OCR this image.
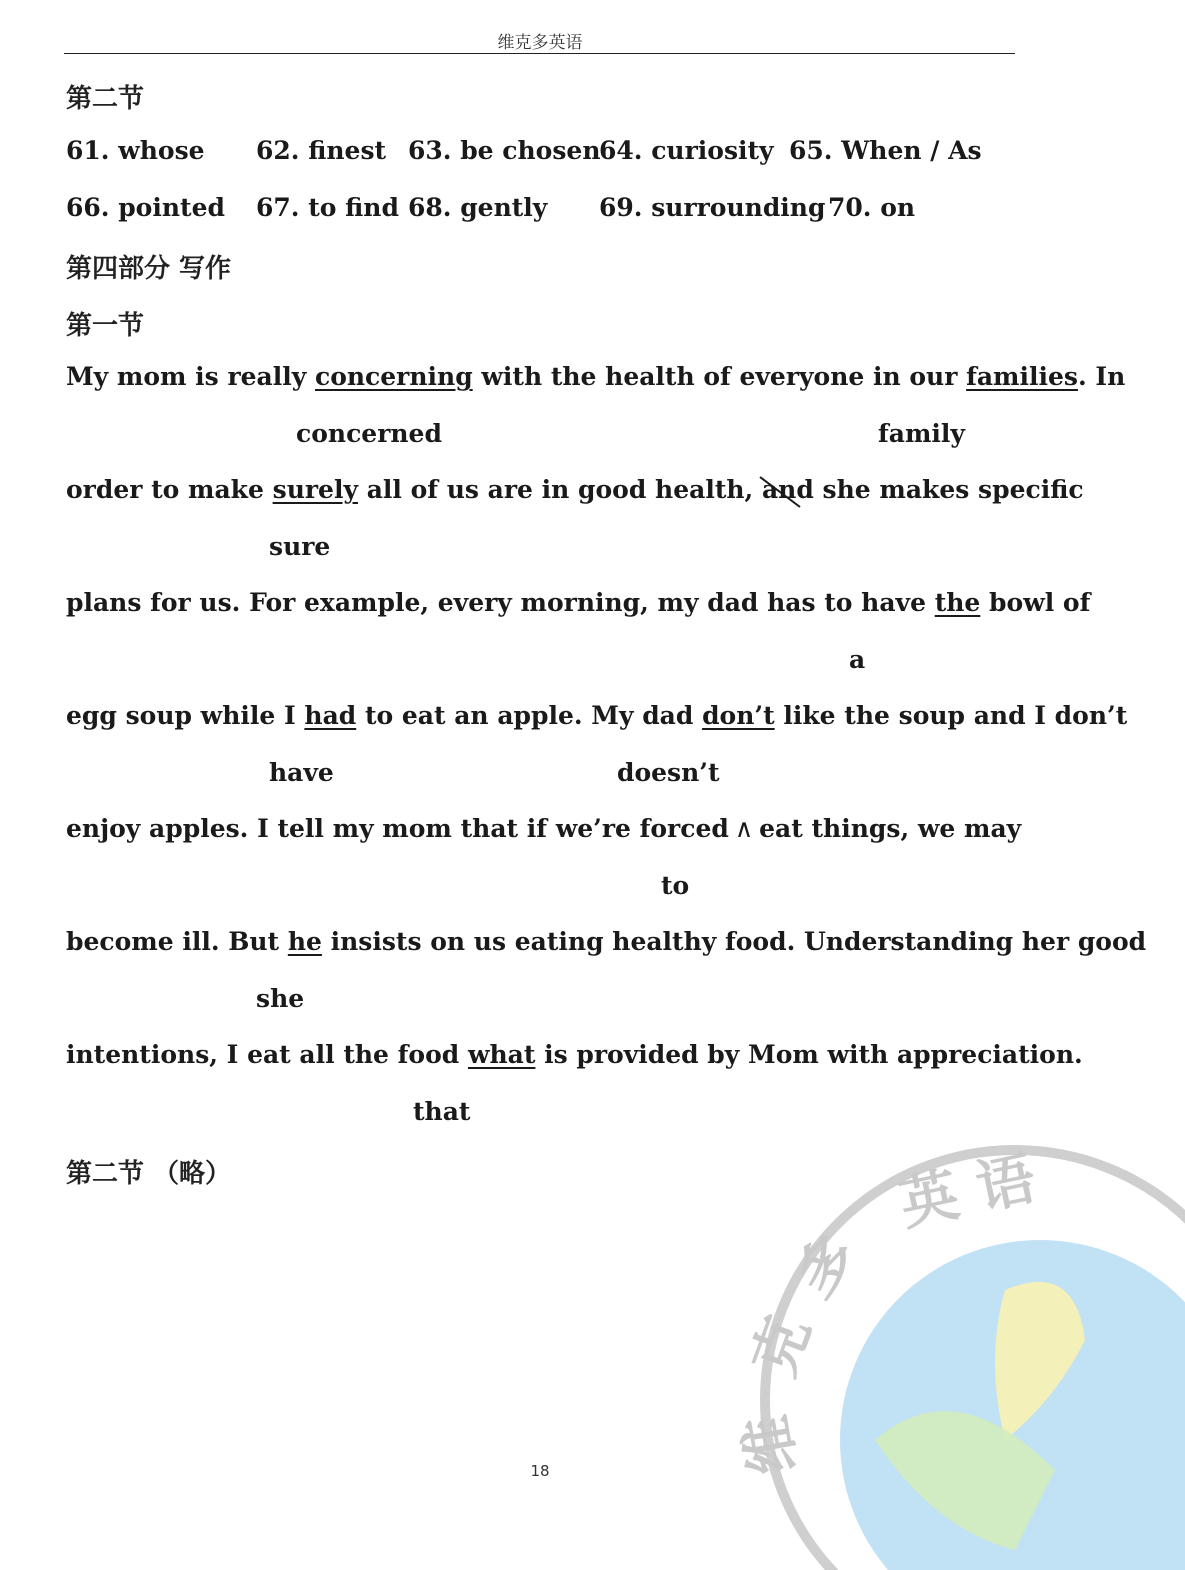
维克多英语
英 语
多
克
维
第二节
61. whose 62. finest 63. be chosen
64. curiosity 65. When / As
66. pointed 67. to find 68. gently 69. surrounding 70. on
第四部分 写作
第一节
My mom is really concerning with the health of everyone in our families. In
concerned	family
order to make surely all of us are in good health, and
she makes specific
sure
plans for us. For example, every morning, my dad has to have the bowl of
a
egg soup while I had to eat an apple. My dad don’t like the soup and I don’t
have	doesn’t
enjoy apples. I tell my mom that if we’re forced ∧ eat things, we may
to
become ill. But he insists on us eating healthy food. Understanding her good
she
intentions, I eat all the food what is provided by Mom with appreciation.
that
第二节 （略）
18
